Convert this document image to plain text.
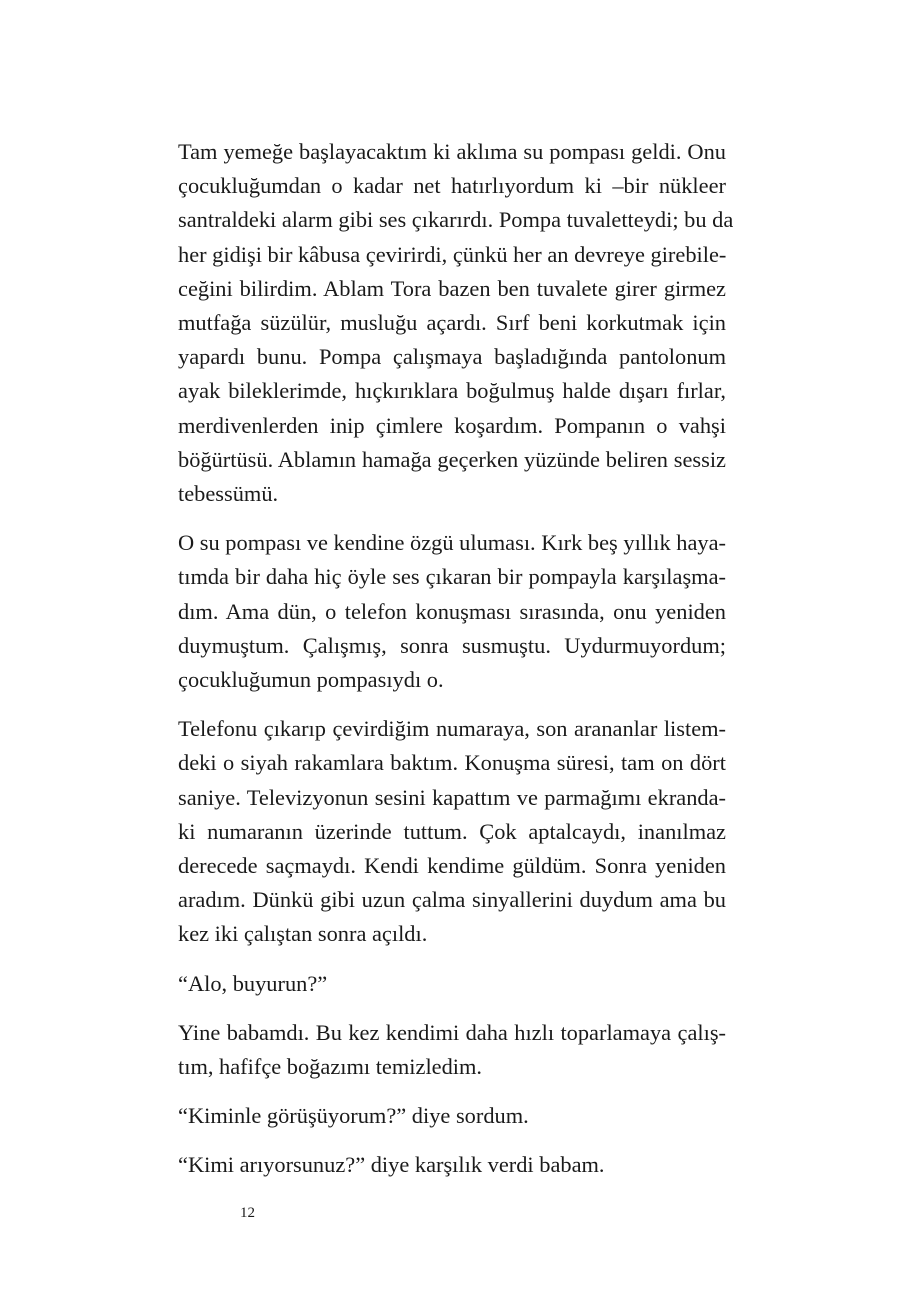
Tam yemeğe başlayacaktım ki aklıma su pompası geldi. Onu
çocukluğumdan o kadar net hatırlıyordum ki –bir nükleer
santraldeki alarm gibi ses çıkarırdı. Pompa tuvaletteydi; bu da
her gidişi bir kâbusa çevirirdi, çünkü her an devreye girebile-
ceğini bilirdim. Ablam Tora bazen ben tuvalete girer girmez
mutfağa süzülür, musluğu açardı. Sırf beni korkutmak için
yapardı bunu. Pompa çalışmaya başladığında pantolonum
ayak bileklerimde, hıçkırıklara boğulmuş halde dışarı fırlar,
merdivenlerden inip çimlere koşardım. Pompanın o vahşi
böğürtüsü. Ablamın hamağa geçerken yüzünde beliren sessiz
tebessümü.

O su pompası ve kendine özgü uluması. Kırk beş yıllık haya-
tımda bir daha hiç öyle ses çıkaran bir pompayla karşılaşma-
dım. Ama dün, o telefon konuşması sırasında, onu yeniden
duymuştum. Çalışmış, sonra susmuştu. Uydurmuyordum;
çocukluğumun pompasıydı o.

Telefonu çıkarıp çevirdiğim numaraya, son arananlar listem-
deki o siyah rakamlara baktım. Konuşma süresi, tam on dört
saniye. Televizyonun sesini kapattım ve parmağımı ekranda-
ki numaranın üzerinde tuttum. Çok aptalcaydı, inanılmaz
derecede saçmaydı. Kendi kendime güldüm. Sonra yeniden
aradım. Dünkü gibi uzun çalma sinyallerini duydum ama bu
kez iki çalıştan sonra açıldı.

“Alo, buyurun?”

Yine babamdı. Bu kez kendimi daha hızlı toparlamaya çalış-
tım, hafifçe boğazımı temizledim.

“Kiminle görüşüyorum?” diye sordum.

“Kimi arıyorsunuz?” diye karşılık verdi babam.

12
